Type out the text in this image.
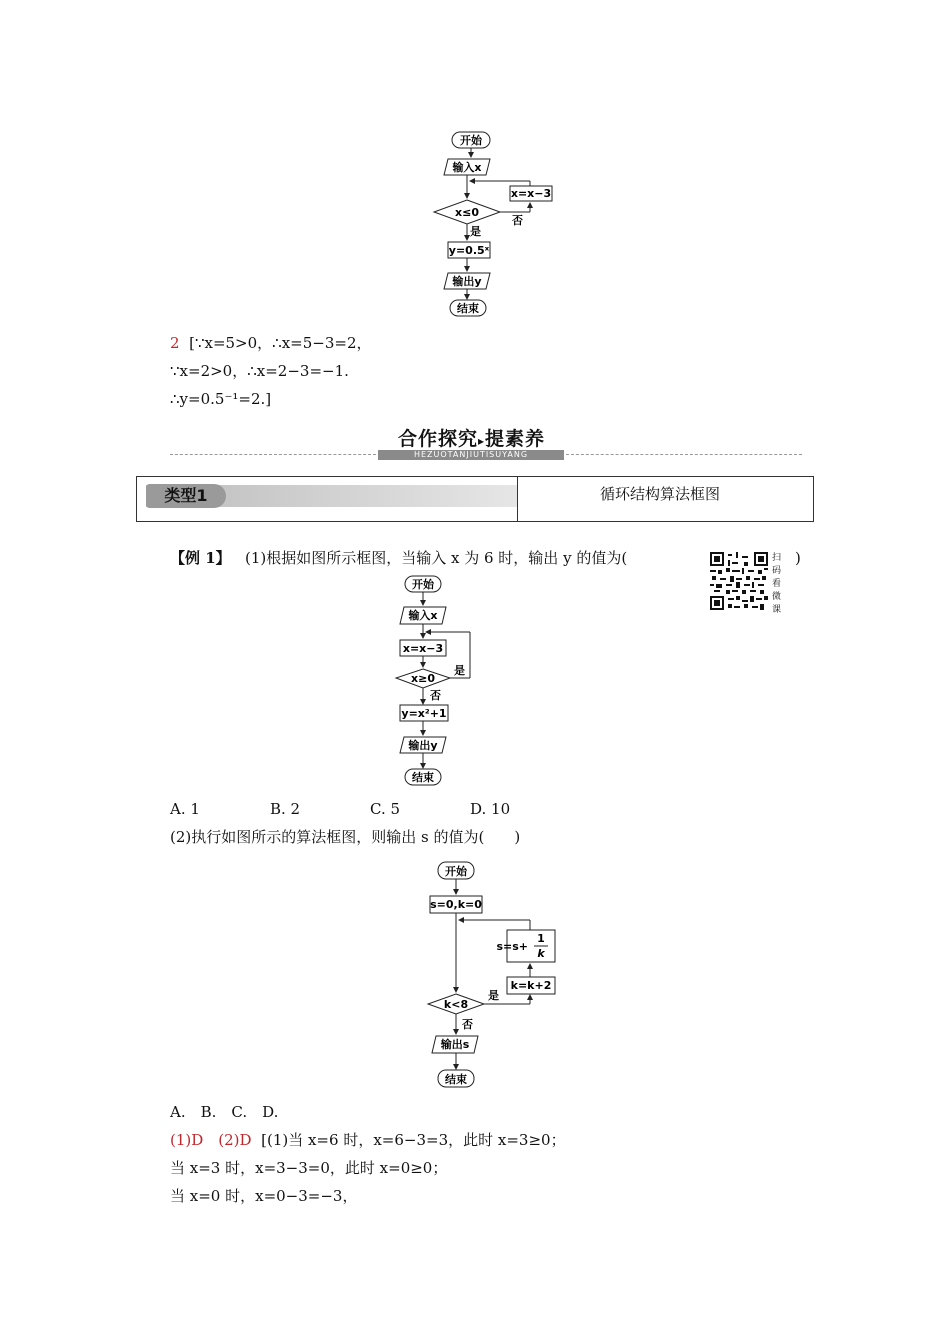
开始
输入x
x=x−3
x≤0
否
是
y=0.5ˣ
输出y
结束
2 [∵x=5>0，∴x=5−3=2，
∵x=2>0，∴x=2−3=−1.
∴y=0.5⁻¹=2.]
合作探究▸提素养
HEZUOTANJIUTISUYANG
类型1	循环结构算法框图
【例 1】 (1)根据如图所示框图，当输入 x 为 6 时，输出 y 的值为(	)
扫码看微课
开始
输入x
是
x=x−3
x≥0
否
y=x²+1
输出y
结束
A. 1	B. 2	C. 5	D. 10
(2)执行如图所示的算法框图，则输出 s 的值为(　　)
开始
s=0,k=0
是
k=k+2
s=s+
1
k
k<8
否
输出s
结束
A.　B.　C.　D.
(1)D　(2)D [(1)当 x=6 时，x=6−3=3，此时 x=3≥0；
当 x=3 时，x=3−3=0，此时 x=0≥0；
当 x=0 时，x=0−3=−3，
